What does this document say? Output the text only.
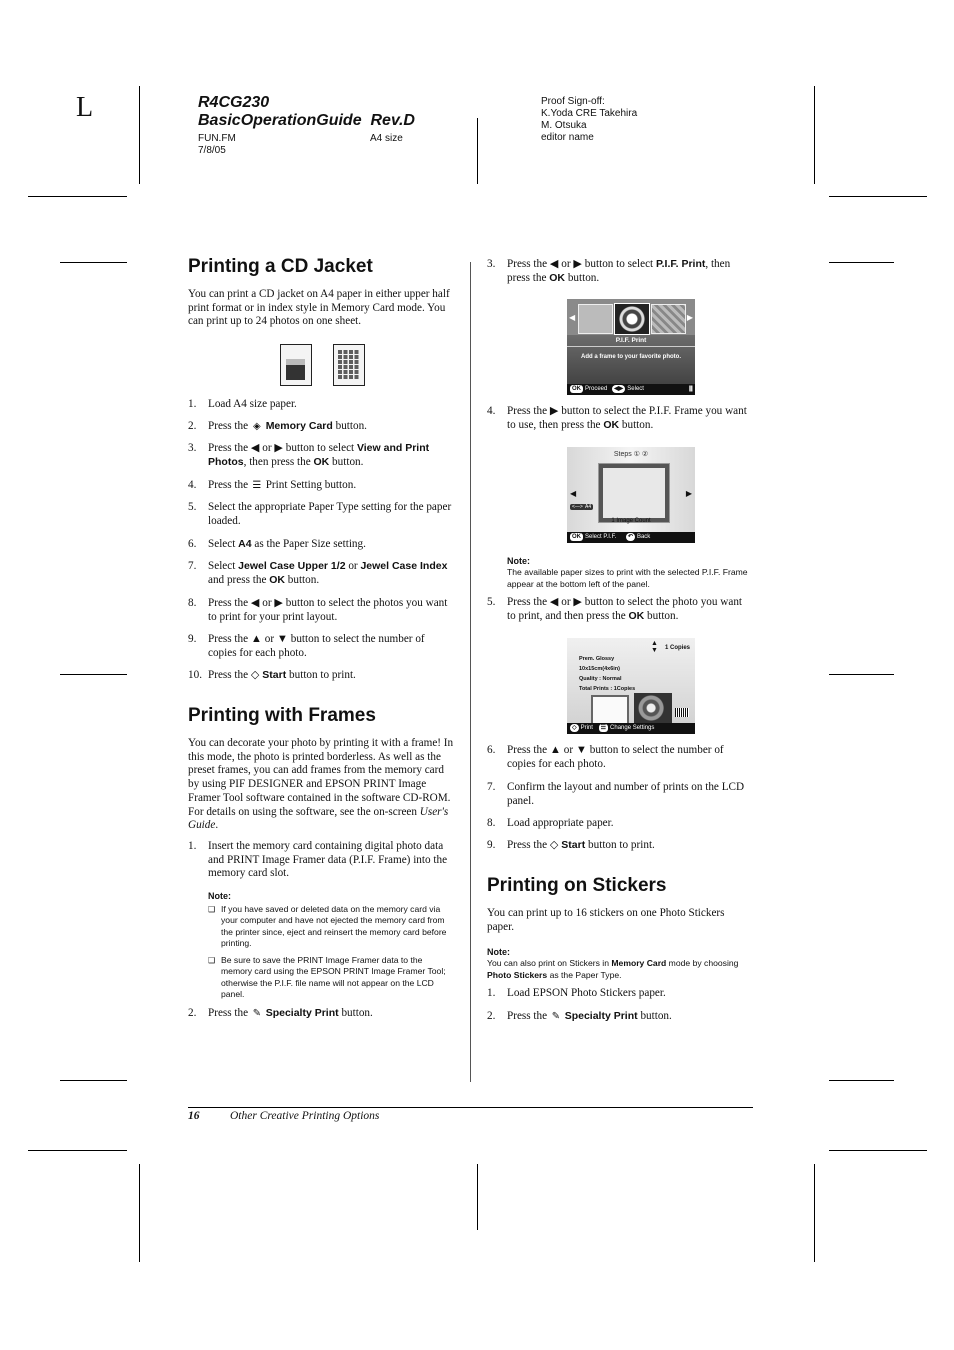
L	R4CG230
BasicOperationGuide  Rev.D
FUN.FM	A4 size
7/8/05
Proof Sign-off:
K.Yoda CRE Takehira
M. Otsuka
editor name
Printing a CD Jacket
You can print a CD jacket on A4 paper in either upper half print format or in index style in Memory Card mode. You can print up to 24 photos on one sheet.
1. Load A4 size paper.
2. Press the ◈ Memory Card button.
3. Press the ◀ or ▶ button to select View and Print Photos, then press the OK button.
4. Press the ☰ Print Setting button.
5. Select the appropriate Paper Type setting for the paper loaded.
6. Select A4 as the Paper Size setting.
7. Select Jewel Case Upper 1/2 or Jewel Case Index and press the OK button.
8. Press the ◀ or ▶ button to select the photos you want to print for your print layout.
9. Press the ▲ or ▼ button to select the number of copies for each photo.
10. Press the ◇ Start button to print.
Printing with Frames
You can decorate your photo by printing it with a frame! In this mode, the photo is printed borderless. As well as the preset frames, you can add frames from the memory card by using PIF DESIGNER and EPSON PRINT Image Framer Tool software contained in the software CD-ROM. For details on using the software, see the on-screen User's Guide.
1. Insert the memory card containing digital photo data and PRINT Image Framer data (P.I.F. Frame) into the memory card slot.
Note:
❑ If you have saved or deleted data on the memory card via your computer and have not ejected the memory card from the printer since, eject and reinsert the memory card before printing.
❑ Be sure to save the PRINT Image Framer data to the memory card using the EPSON PRINT Image Framer Tool; otherwise the P.I.F. file name will not appear on the LCD panel.
2. Press the ✎ Specialty Print button.
3. Press the ◀ or ▶ button to select P.I.F. Print, then press the OK button.
◀	▶
P.I.F. Print
Add a frame to your favorite photo.
OK Proceed ◀▶ Select	||||||
4. Press the ▶ button to select the P.I.F. Frame you want to use, then press the OK button.
Steps ① ②
◀	▶
<—> A4
1 Image Count
OK Select P.I.F. ↶ Back
Note:
The available paper sizes to print with the selected P.I.F. Frame appear at the bottom left of the panel.
5. Press the ◀ or ▶ button to select the photo you want to print, and then press the OK button.
▲
▼ 1 Copies
Prem. Glossy
10x15cm(4x6in)
Quality : Normal
Total Prints : 1Copies
◇ Print ☰ Change Settings
6. Press the ▲ or ▼ button to select the number of copies for each photo.
7. Confirm the layout and number of prints on the LCD panel.
8. Load appropriate paper.
9. Press the ◇ Start button to print.
Printing on Stickers
You can print up to 16 stickers on one Photo Stickers paper.
Note:
You can also print on Stickers in Memory Card mode by choosing Photo Stickers as the Paper Type.
1. Load EPSON Photo Stickers paper.
2. Press the ✎ Specialty Print button.
16	Other Creative Printing Options
